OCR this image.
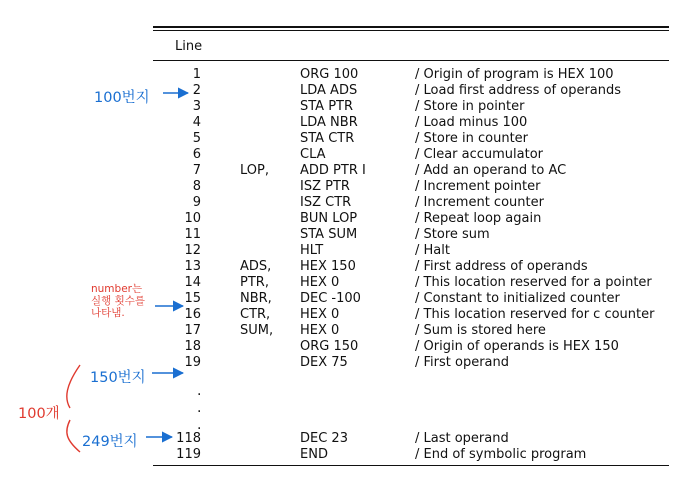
Line
1	ORG 100	/ Origin of program is HEX 100
2	LDA ADS	/ Load first address of operands
3	STA PTR	/ Store in pointer
4	LDA NBR	/ Load minus 100
5	STA CTR	/ Store in counter
6	CLA	/ Clear accumulator
7	LOP, ADD PTR I	/ Add an operand to AC
8	ISZ PTR	/ Increment pointer
9	ISZ CTR	/ Increment counter
10	BUN LOP	/ Repeat loop again
11	STA SUM	/ Store sum
12	HLT	/ Halt
13	ADS, HEX 150	/ First address of operands
14	PTR, HEX 0	/ This location reserved for a pointer
15	NBR, DEC -100	/ Constant to initialized counter
16	CTR, HEX 0	/ This location reserved for c counter
17	SUM, HEX 0	/ Sum is stored here
18	ORG 150	/ Origin of operands is HEX 150
19	DEX 75	/ First operand
118	DEC 23	/ Last operand
119	END	/ End of symbolic program
.
.
.
100번지
number는
실행 횟수를
나타냄.
150번지
100개
249번지
